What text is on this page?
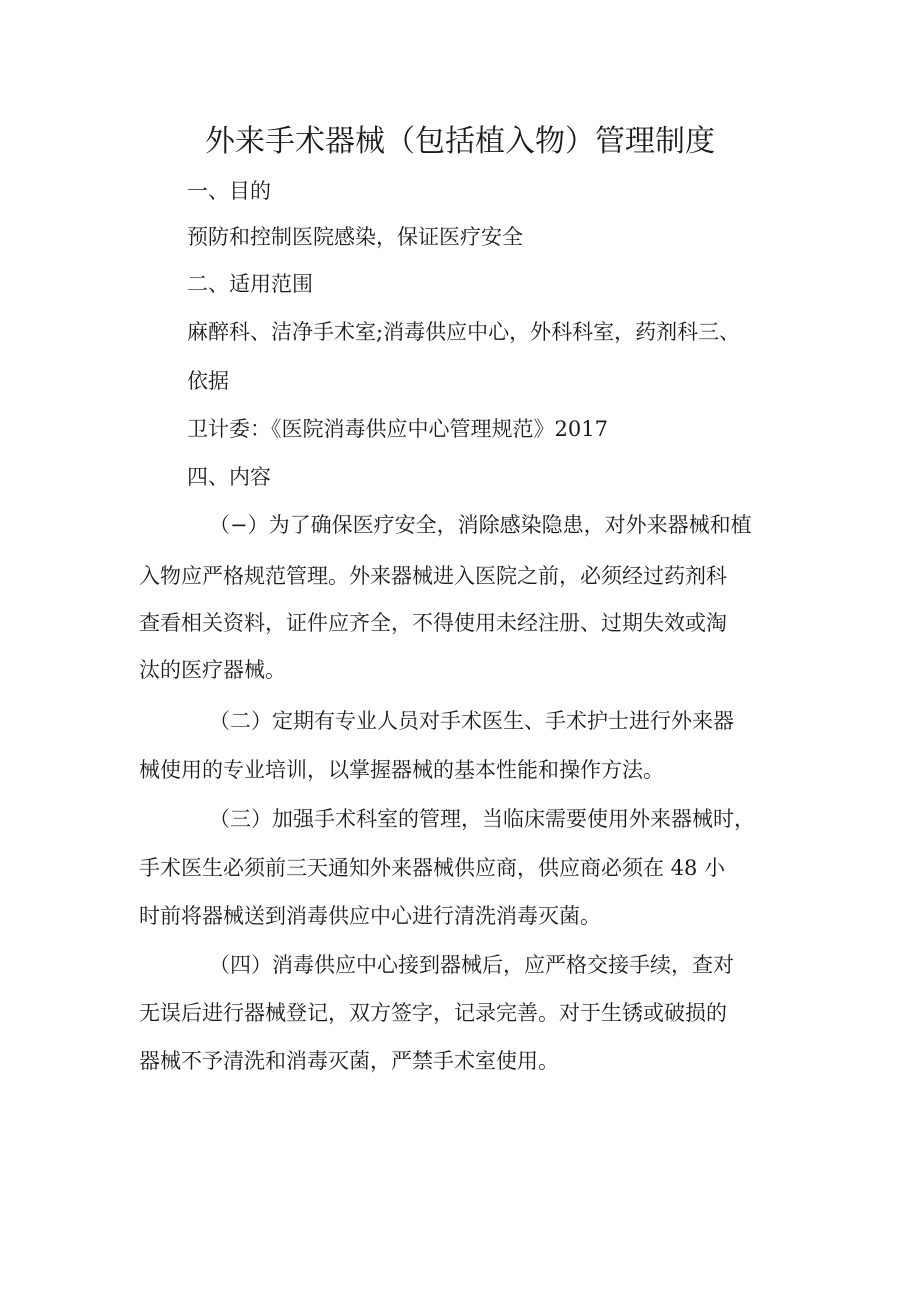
外来手术器械（包括植入物）管理制度

一、目的

预防和控制医院感染，保证医疗安全

二、适用范围

麻醉科、洁净手术室;消毒供应中心，外科科室，药剂科三、

依据

卫计委：《医院消毒供应中心管理规范》2017

四、内容

（−）为了确保医疗安全，消除感染隐患，对外来器械和植

入物应严格规范管理。外来器械进入医院之前，必须经过药剂科

查看相关资料，证件应齐全，不得使用未经注册、过期失效或淘

汰的医疗器械。

（二）定期有专业人员对手术医生、手术护士进行外来器

械使用的专业培训，以掌握器械的基本性能和操作方法。

（三）加强手术科室的管理，当临床需要使用外来器械时，

手术医生必须前三天通知外来器械供应商，供应商必须在 48 小

时前将器械送到消毒供应中心进行清洗消毒灭菌。

（四）消毒供应中心接到器械后，应严格交接手续，查对

无误后进行器械登记，双方签字，记录完善。对于生锈或破损的

器械不予清洗和消毒灭菌，严禁手术室使用。
